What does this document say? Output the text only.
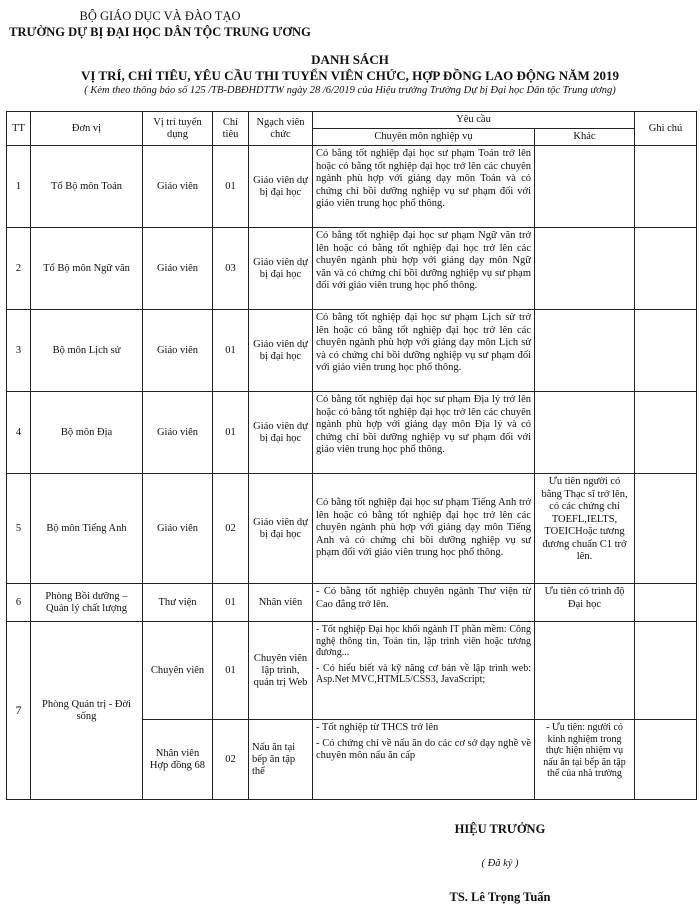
BỘ GIÁO DỤC VÀ ĐÀO TẠO
TRƯỜNG DỰ BỊ ĐẠI HỌC DÂN TỘC TRUNG ƯƠNG
DANH SÁCH
VỊ TRÍ, CHỈ TIÊU, YÊU CẦU THI TUYỂN VIÊN CHỨC, HỢP ĐỒNG LAO ĐỘNG NĂM 2019
( Kèm theo thông báo số 125 /TB-DBĐHDTTW ngày 28 /6/2019 của Hiệu trưởng Trường Dự bị Đại học Dân tộc Trung ương)
TT	Đơn vị	Vị trí tuyển dụng	Chỉ tiêu	Ngạch viên chức	Yêu cầu		Ghi chú
					Chuyên môn nghiệp vụ	Khác	
1	Tổ Bộ môn Toán	Giáo viên	01	Giáo viên dự bị đại học	Có bằng tốt nghiệp đại học sư phạm Toán trở lên hoặc có bằng tốt nghiệp đại học trở lên các chuyên ngành phù hợp với giảng dạy môn Toán và có chứng chỉ bồi dưỡng nghiệp vụ sư phạm đối với giáo viên trung học phổ thông.		
2	Tổ Bộ môn Ngữ văn	Giáo viên	03	Giáo viên dự bị đại học	Có bằng tốt nghiệp đại học sư phạm Ngữ văn trở lên hoặc có bằng tốt nghiệp đại học trở lên các chuyên ngành phù hợp với giảng dạy môn Ngữ văn và có chứng chỉ bồi dưỡng nghiệp vụ sư phạm đối với giáo viên trung học phổ thông.		
3	Bộ môn Lịch sử	Giáo viên	01	Giáo viên dự bị đại học	Có bằng tốt nghiệp đại học sư phạm Lịch sử trở lên hoặc có bằng tốt nghiệp đại học trở lên các chuyên ngành phù hợp với giảng dạy môn Lịch sử và có chứng chỉ bồi dưỡng nghiệp vụ sư phạm đối với giáo viên trung học phổ thông.		
4	Bộ môn Địa	Giáo viên	01	Giáo viên dự bị đại học	Có bằng tốt nghiệp đại học sư phạm Địa lý trở lên hoặc có bằng tốt nghiệp đại học trở lên các chuyên ngành phù hợp với giảng dạy môn Địa lý và có chứng chỉ bồi dưỡng nghiệp vụ sư phạm đối với giáo viên trung học phổ thông.		
5	Bộ môn Tiếng Anh	Giáo viên	02	Giáo viên dự bị đại học	Có bằng tốt nghiệp đại học sư phạm Tiếng Anh trở lên hoặc có bằng tốt nghiệp đại học trở lên các chuyên ngành phù hợp với giảng dạy môn Tiếng Anh và có chứng chỉ bồi dưỡng nghiệp vụ sư phạm đối với giáo viên trung học phổ thông.	Ưu tiên người có bằng Thạc sĩ trở lên, có các chứng chỉ TOEFL,IELTS, TOEICHoặc tương đương chuẩn C1 trở lên.	
6	Phòng Bồi dưỡng – Quản lý chất lượng	Thư viện	01	Nhân viên	- Có bằng tốt nghiệp chuyên ngành Thư viện từ Cao đẳng trở lên.	Ưu tiên có trình độ Đại học	
7	Phòng Quản trị - Đời sống	Chuyên viên	01	Chuyên viên lập trình, quản trị Web	- Tốt nghiệp Đại học khối ngành IT phần mềm: Công nghệ thông tin, Toán tin, lập trình viên hoặc tương đương...
- Có hiểu biết và kỹ năng cơ bản về lập trình web: Asp.Net MVC,HTML5/CSS3, JavaScript;		

		Nhân viên Hợp đồng 68	02	Nấu ăn tại bếp ăn tập thể	- Tốt nghiệp từ THCS trở lên
- Có chứng chỉ về nấu ăn do các cơ sở dạy nghề về chuyên môn nấu ăn cấp	- Ưu tiên: người có kinh nghiệm trong thực hiện nhiệm vụ nấu ăn tại bếp ăn tập thể của nhà trường	
HIỆU TRƯỞNG
( Đã ký )
TS. Lê Trọng Tuấn
